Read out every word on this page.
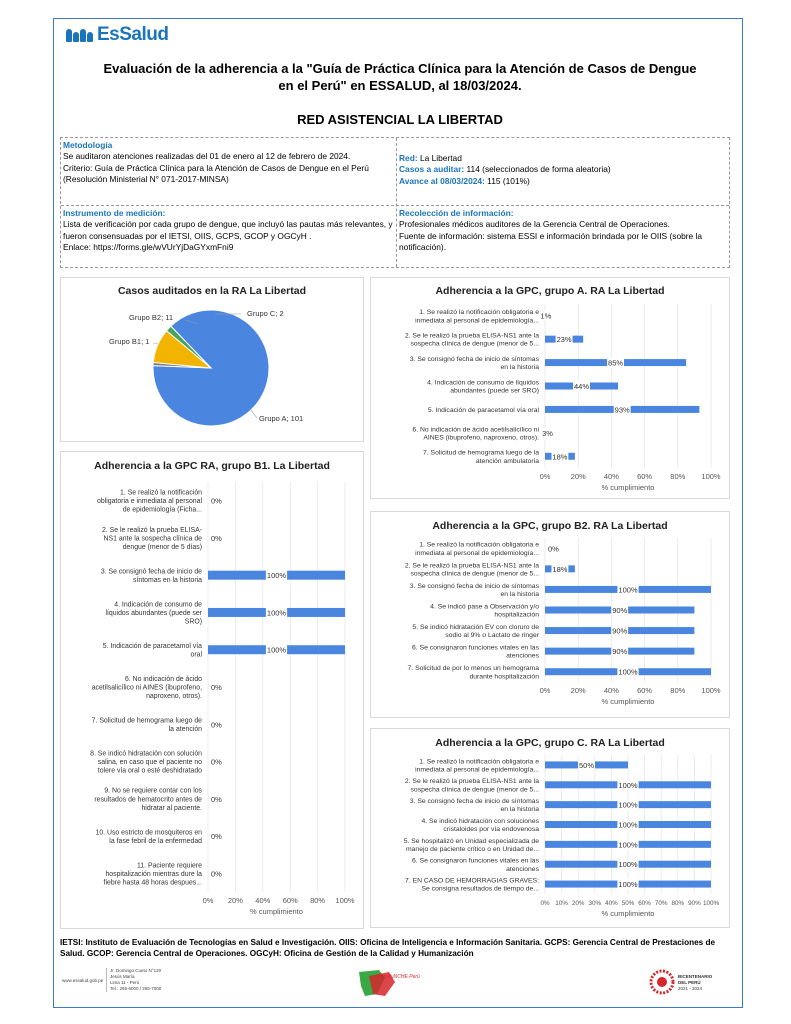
EsSalud
Evaluación de la adherencia a la "Guía de Práctica Clínica para la Atención de Casos de Dengue
en el Perú" en ESSALUD, al 18/03/2024.
RED ASISTENCIAL LA LIBERTAD
Metodología
Se auditaron atenciones realizadas del 01 de enero al 12 de febrero de 2024.
Criterio: Guía de Práctica Clínica para la Atención de Casos de Dengue en el Perú (Resolución Ministerial N° 071-2017-MINSA)
Red: La Libertad
Casos a auditar: 114 (seleccionados de forma aleatoria)
Avance al 08/03/2024: 115 (101%)
Instrumento de medición:
Lista de verificación por cada grupo de dengue, que incluyó las pautas más relevantes, y fueron consensuadas por el IETSI, OIIS, GCPS, GCOP y OGCyH .
Enlace: https://forms.gle/wVUrYjDaGYxmFni9
Recolección de información:
Profesionales médicos auditores de la Gerencia Central de Operaciones.
Fuente de información: sistema ESSI e información brindada por le OIIS (sobre la notificación).
Casos auditados en la RA La Libertad
Grupo A; 101
Grupo B1; 1
Grupo B2; 11	Grupo C; 2
Adherencia a la GPC, grupo A. RA La Libertad
0%	20% 40% 60% 80% 100%
% cumplimiento
1. Se realizó la notificación obligatoria e
inmediata al personal de epidemiología...
1%
2. Se le realizó la prueba ELISA-NS1 ante la
sospecha clínica de dengue (menor de 5...
23%
3. Se consignó fecha de inicio de síntomas
en la historia
85%
4. Indicación de consumo de líquidos
abundantes (puede ser SRO)
44%
5. Indicación de paracetamol vía oral	93%
6. No indicación de ácido acetilsalicílico ni
AINES (ibuprofeno, naproxeno, otros).
3%
7. Solicitud de hemograma luego de la
atención ambulatoria
18%
Adherencia a la GPC RA, grupo B1. La Libertad
0% 20% 40% 60% 80% 100%
% cumplimiento
1. Se realizó la notificación
obligatoria e inmediata al personal
de epidemiología (Ficha...
0%
2. Se le realizó la prueba ELISA-
NS1 ante la sospecha clínica de
dengue (menor de 5 días)
0%
3. Se consignó fecha de inicio de
síntomas en la historia
100%
4. Indicación de consumo de
líquidos abundantes (puede ser
SRO)
100%
5. Indicación de paracetamol vía
oral
100%
6. No indicación de ácido
acetilsalicílico ni AINES (ibuprofeno,
naproxeno, otros).
0%
7. Solicitud de hemograma luego de
la atención
0%
8. Se indicó hidratación con solución
salina, en caso que el paciente no
tolere vía oral o esté deshidratado
0%
9. No se requiere contar con los
resultados de hematocrito antes de
hidratar al paciente.
0%
10. Uso estricto de mosquiteros en
la fase febril de la enfermedad
0%
11. Paciente requiere
hospitalización mientras dure la
fiebre hasta 48 horas despues...
0%
Adherencia a la GPC, grupo B2. RA La Libertad
0%	20% 40% 60% 80% 100%
% cumplimiento
1. Se realizó la notificación obligatoria e
inmediata al personal de epidemiología...
0%
2. Se le realizó la prueba ELISA-NS1 ante la
sospecha clínica de dengue (menor de 5...
18%
3. Se consignó fecha de inicio de síntomas
en la historia
100%
4. Se indicó pase a Observación y/o
hospitalización
90%
5. Se indicó hidratación EV con cloruro de
sodio al 9% o Lactato de ringer
90%
6. Se consignaron funciones vitales en las
atenciones
90%
7. Solicitud de por lo menos un hemograma
durante hospitalización
100%
Adherencia a la GPC, grupo C. RA La Libertad
0% 10% 20% 30% 40% 50% 60% 70% 80% 90% 100%
% cumplimiento
1. Se realizó la notificación obligatoria e
inmediata al personal de epidemiología...
50%
2. Se le realizó la prueba ELISA-NS1 ante la
sospecha clínica de dengue (menor de 5...
100%
3. Se consignó fecha de inicio de síntomas
en la historia
100%
4. Se indicó hidratación con soluciones
cristaloides por vía endovenosa
100%
5. Se hospitalizó en Unidad especializada de
manejo de paciente crítico o en Unidad de...
100%
6. Se consignaron funciones vitales en las
atenciones
100%
7. EN CASO DE HEMORRAGIAS GRAVES:
Se consigna resultados de tiempo de...
100%
IETSI: Instituto de Evaluación de Tecnologías en Salud e Investigación. OIIS: Oficina de Inteligencia e Información Sanitaria. GCPS: Gerencia Central de Prestaciones de Salud. GCOP: Gerencia Central de Operaciones. OGCyH: Oficina de Gestión de la Calidad y Humanización
www.essalud.gob.pe
Jr. Domingo Cueto N°120
Jesús María
Lima 11 - Perú
Tel.: 265-6000 / 265-7000
Con PuNCHE Perú	BICENTENARIO
DEL PERÚ
2021 - 2024
